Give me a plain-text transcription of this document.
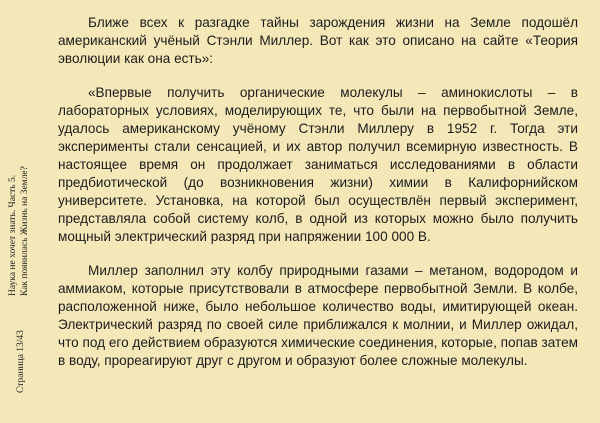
Наука не хочет знать. Часть 5. Как появилась Жизнь на Земле?
Страница 13/43

Ближе всех к разгадке тайны зарождения жизни на Земле подошёл американский учёный Стэнли Миллер. Вот как это описано на сайте «Теория эволюции как она есть»:

«Впервые получить органические молекулы – аминокислоты – в лабораторных условиях, моделирующих те, что были на первобытной Земле, удалось американскому учёному Стэнли Миллеру в 1952 г. Тогда эти эксперименты стали сенсацией, и их автор получил всемирную известность. В настоящее время он продолжает заниматься исследованиями в области предбиотической (до возникновения жизни) химии в Калифорнийском университете. Установка, на которой был осуществлён первый эксперимент, представляла собой систему колб, в одной из которых можно было получить мощный электрический разряд при напряжении 100 000 В.

Миллер заполнил эту колбу природными газами – метаном, водородом и аммиаком, которые присутствовали в атмосфере первобытной Земли. В колбе, расположенной ниже, было небольшое количество воды, имитирующей океан. Электрический разряд по своей силе приближался к молнии, и Миллер ожидал, что под его действием образуются химические соединения, которые, попав затем в воду, прореагируют друг с другом и образуют более сложные молекулы.
